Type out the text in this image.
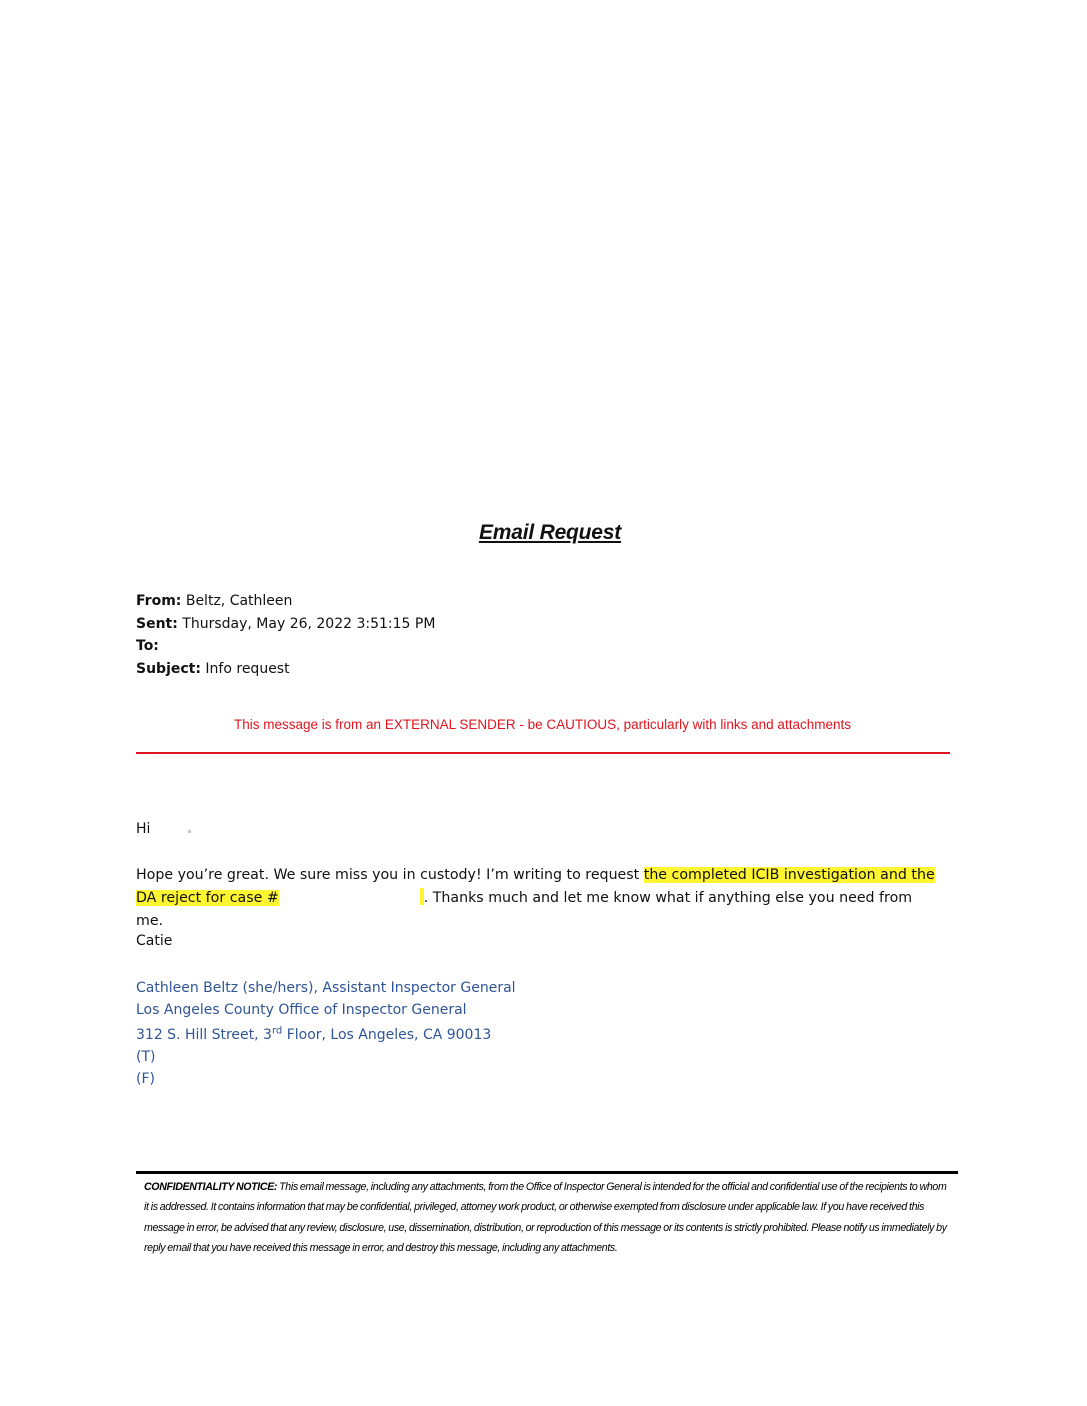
Email Request
From: Beltz, Cathleen
Sent: Thursday, May 26, 2022 3:51:15 PM
To:
Subject: Info request
This message is from an EXTERNAL SENDER - be CAUTIOUS, particularly with links and attachments
Hi
Hope you’re great. We sure miss you in custody! I’m writing to request the completed ICIB investigation and the DA reject for case #	. Thanks much and let me know what if anything else you need from me.
Catie
Cathleen Beltz (she/hers), Assistant Inspector General
Los Angeles County Office of Inspector General
312 S. Hill Street, 3rd Floor, Los Angeles, CA 90013
(T)
(F)
CONFIDENTIALITY NOTICE: This email message, including any attachments, from the Office of Inspector General is intended for the official and confidential use of the recipients to whom it is addressed. It contains information that may be confidential, privileged, attorney work product, or otherwise exempted from disclosure under applicable law. If you have received this message in error, be advised that any review, disclosure, use, dissemination, distribution, or reproduction of this message or its contents is strictly prohibited. Please notify us immediately by reply email that you have received this message in error, and destroy this message, including any attachments.
